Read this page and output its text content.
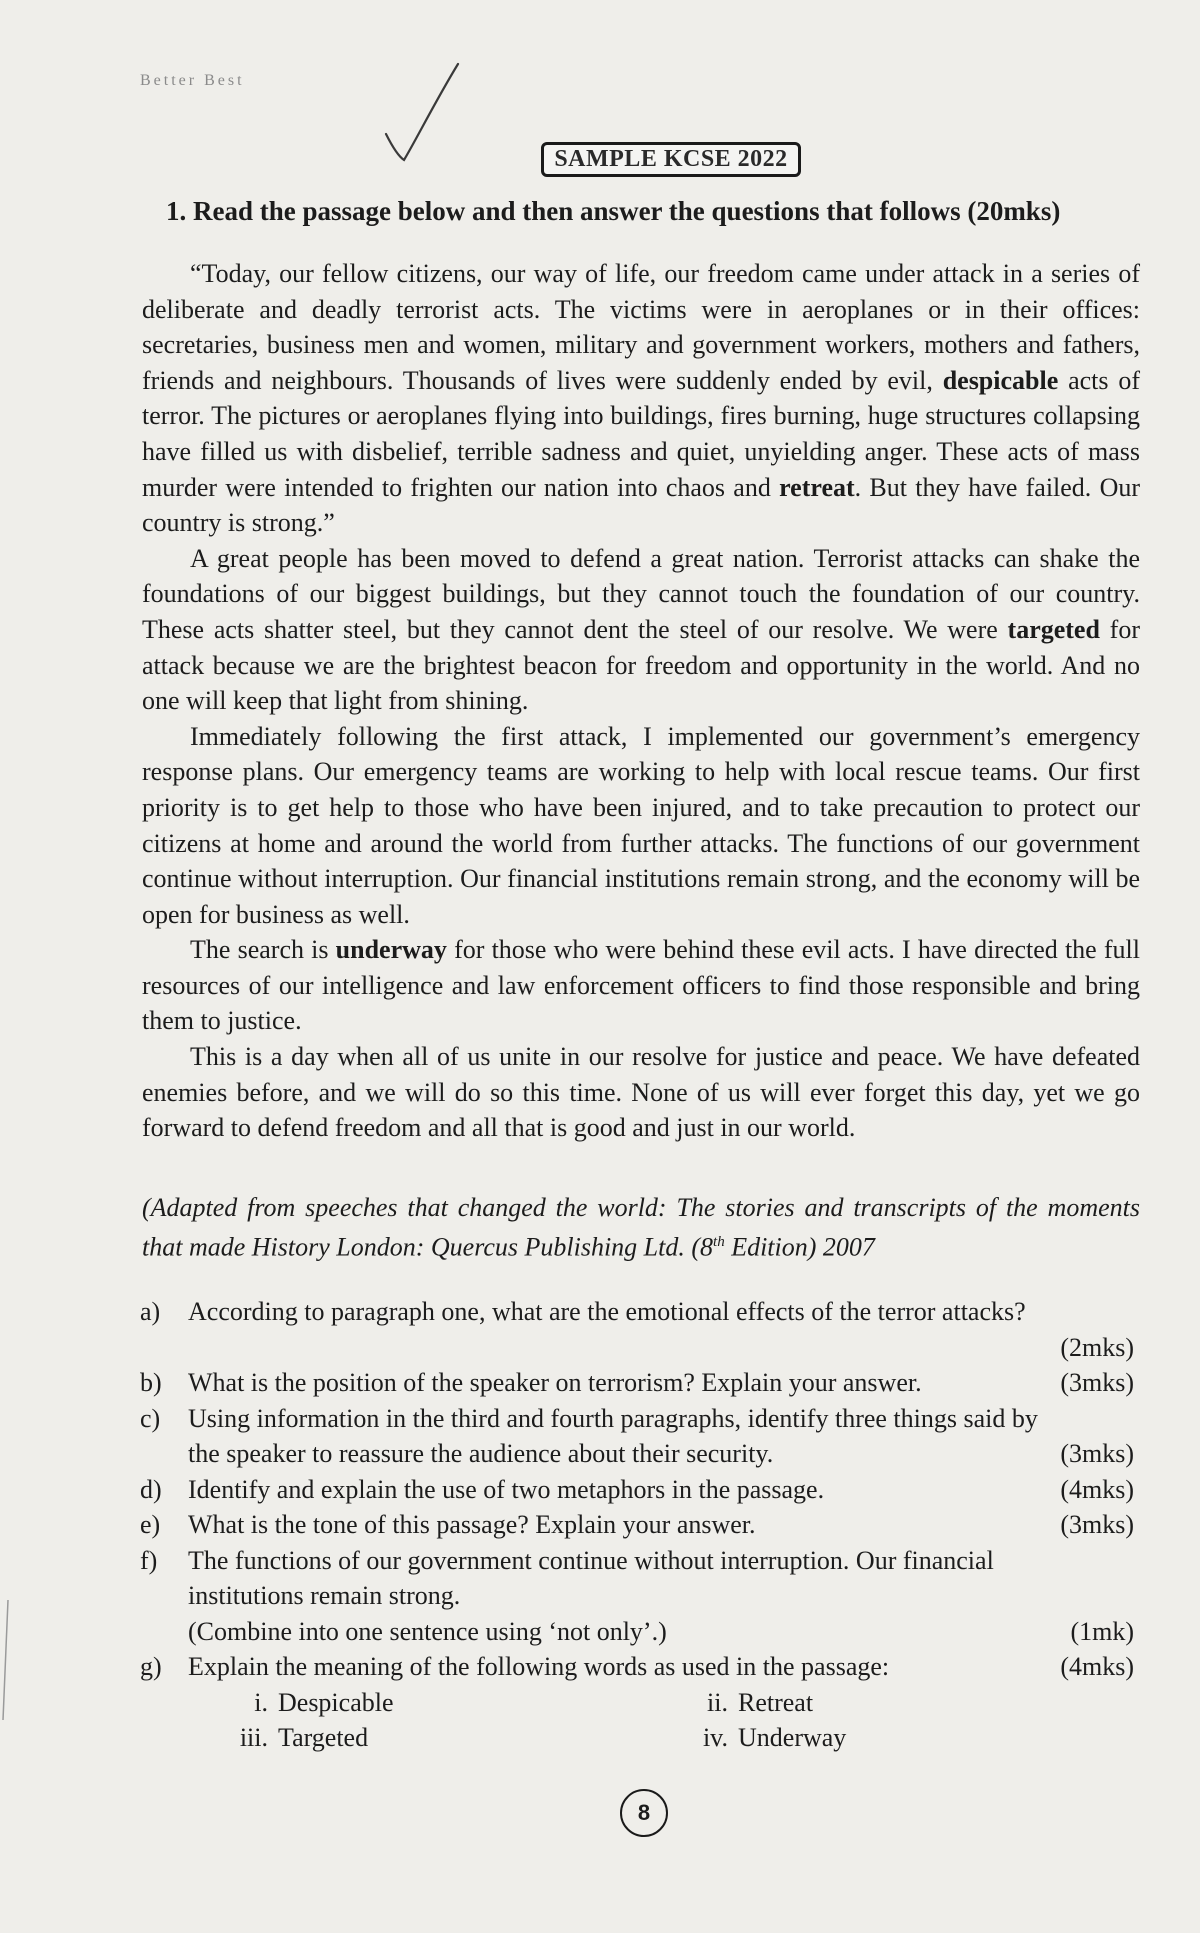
Better Best
SAMPLE KCSE 2022
1. Read the passage below and then answer the questions that follows (20mks)

“Today, our fellow citizens, our way of life, our freedom came under attack in a series of deliberate and deadly terrorist acts. The victims were in aeroplanes or in their offices: secretaries, business men and women, military and government workers, mothers and fathers, friends and neighbours. Thousands of lives were suddenly ended by evil, despicable acts of terror. The pictures or aeroplanes flying into buildings, fires burning, huge structures collapsing have filled us with disbelief, terrible sadness and quiet, unyielding anger. These acts of mass murder were intended to frighten our nation into chaos and retreat. But they have failed. Our country is strong.”

A great people has been moved to defend a great nation. Terrorist attacks can shake the foundations of our biggest buildings, but they cannot touch the foundation of our country. These acts shatter steel, but they cannot dent the steel of our resolve. We were targeted for attack because we are the brightest beacon for freedom and opportunity in the world. And no one will keep that light from shining.

Immediately following the first attack, I implemented our government’s emergency response plans. Our emergency teams are working to help with local rescue teams. Our first priority is to get help to those who have been injured, and to take precaution to protect our citizens at home and around the world from further attacks. The functions of our government continue without interruption. Our financial institutions remain strong, and the economy will be open for business as well.

The search is underway for those who were behind these evil acts. I have directed the full resources of our intelligence and law enforcement officers to find those responsible and bring them to justice.

This is a day when all of us unite in our resolve for justice and peace. We have defeated enemies before, and we will do so this time. None of us will ever forget this day, yet we go forward to defend freedom and all that is good and just in our world.

(Adapted from speeches that changed the world: The stories and transcripts of the moments that made History London: Quercus Publishing Ltd. (8th Edition) 2007
a)	According to paragraph one, what are the emotional effects of the terror attacks?
(2mks)
b)	What is the position of the speaker on terrorism? Explain your answer.	(3mks)
c)	Using information in the third and fourth paragraphs, identify three things said by
the speaker to reassure the audience about their security.	(3mks)
d)	Identify and explain the use of two metaphors in the passage.	(4mks)
e)	What is the tone of this passage? Explain your answer.	(3mks)
f)	The functions of our government continue without interruption. Our financial
institutions remain strong.
(Combine into one sentence using ‘not only’.)	(1mk)
g)	Explain the meaning of the following words as used in the passage:	(4mks)
i. Despicable	ii. Retreat
iii. Targeted	iv. Underway
8
